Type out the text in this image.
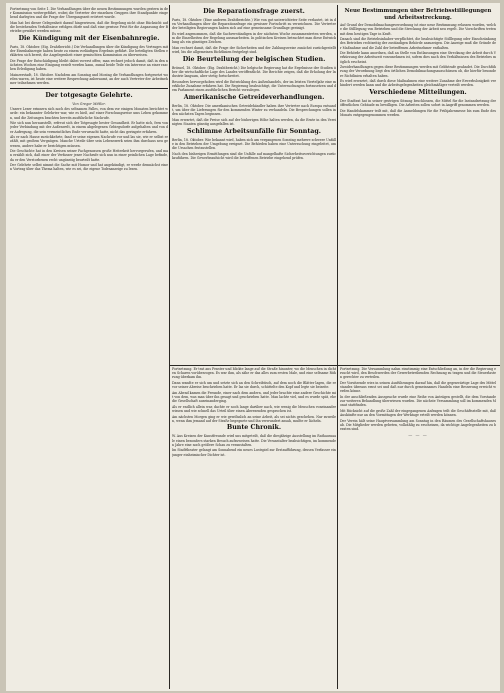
Fortsetzung von Seite 1. Die Verhandlungen über die neuen Bestimmungen wurden gestern in der Kommission weitergeführt, wobei die Vertreter der einzelnen Gruppen ihre Standpunkte eingehend darlegten und die Frage der Übergangszeit erörtert wurde.

Man hat bei dieser Gelegenheit darauf hingewiesen, daß die Regelung nicht ohne Rücksicht auf die bestehenden Verhältnisse erfolgen dürfe und daß eine gewisse Frist für die Anpassung der Betriebe gewährt werden müsse.

Die Kündigung mit der Eisenbahnregie.

Paris, 18. Oktober. (Eig. Drahtbericht.) Die Verhandlungen über die Kündigung des Vertrages mit der Eisenbahnregie haben heute zu einem vorläufigen Ergebnis geführt. Die beteiligten Stellen erklärten sich bereit, die Angelegenheit einer gemischten Kommission zu überweisen.

Die Frage der Entschädigung bleibt dabei vorerst offen; man rechnet jedoch damit, daß in den nächsten Wochen eine Einigung erzielt werden kann, zumal beide Teile ein Interesse an einer raschen Erledigung haben.

Mainzerstadt, 18. Oktober. Nachdem am Sonntag und Montag die Verhandlungen fortgesetzt worden waren, ist heute eine weitere Besprechung anberaumt, an der auch Vertreter der Arbeitnehmer teilnehmen werden.

Der totgesagte Gelehrte.
Von Gregor Mittler.

Unsere Leser erinnern sich noch des seltsamen Falles, von dem vor einigen Monaten berichtet wurde: ein bekannter Gelehrter war, wie es hieß, auf einer Forschungsreise ums Leben gekommen, und die Zeitungen brachten bereits ausführliche Nachrufe.

Wie sich nun herausstellt, erfreut sich der Totgesagte bester Gesundheit. Er hatte sich, fern von jeder Verbindung mit der Außenwelt, in einem abgelegenen Gebirgsdorfe aufgehalten und von der Aufregung, die sein vermeintliches Ende verursacht hatte, nicht das geringste erfahren.

Als er nach Hause zurückkehrte, fand er seine eigenen Nachrufe vor und las sie, wie er selbst erzählt, mit großem Vergnügen. Manche Urteile über sein Lebenswerk seien ihm durchaus neu gewesen, andere habe er berichtigen müssen.

Die Geschichte hat in den Kreisen seiner Fachgenossen große Heiterkeit hervorgerufen, und man erzählt sich, daß einer der Verfasser jener Nachrufe sich nun in einer peinlichen Lage befinde, da er den Verstorbenen recht ungünstig beurteilt hatte.

Der Gelehrte selbst nimmt die Sache mit Humor und hat angekündigt, er werde demnächst einen Vortrag über das Thema halten, wie es sei, die eigene Todesanzeige zu lesen.

Die Reparationsfrage zuerst.

Paris, 18. Oktober. (Eine anderen Drahtberichte.) Wie von gut unterrichteter Seite verlautet, ist in den Verhandlungen über die Reparationsfrage ein gewisser Fortschritt zu verzeichnen. Die Vertreter der beteiligten Regierungen haben sich auf eine gemeinsame Grundlage geeinigt.

Es wird angenommen, daß die Sachverständigen in der nächsten Woche zusammentreten werden, um die Einzelheiten der Regelung auszuarbeiten. In politischen Kreisen betrachtet man diese Entwicklung als ein günstiges Zeichen.

Man rechnet damit, daß die Frage der Sicherheiten und der Zahlungsweise zunächst zurückgestellt wird, bis die allgemeinen Richtlinien festgelegt sind.

Die Beurteilung der belgischen Studien.

Brüssel, 18. Oktober. (Eig. Drahtbericht.) Die belgische Regierung hat die Ergebnisse der Studien über die wirtschaftliche Lage des Landes veröffentlicht. Die Berichte zeigen, daß die Erholung der Industrie langsam, aber stetig fortschreitet.

Besonders hervorgehoben wird die Entwicklung des Außenhandels, der im letzten Vierteljahr eine merkliche Zunahme erfahren hat. Die Regierung beabsichtigt, die Untersuchungen fortzusetzen und dem Parlament einen ausführlichen Bericht vorzulegen.

Amerikanische Getreideverhandlungen.

Berlin, 18. Oktober. Die amerikanischen Getreidehändler haben ihre Vertreter nach Europa entsandt, um über die Lieferungen für den kommenden Winter zu verhandeln. Die Besprechungen sollen in den nächsten Tagen beginnen.

Man erwartet, daß die Preise sich auf der bisherigen Höhe halten werden, da die Ernte in den Vereinigten Staaten günstig ausgefallen ist.

Schlimme Arbeitsunfälle für Sonntag.

Berlin, 18. Oktober. Wie bekannt wird, haben sich am vergangenen Sonntag mehrere schwere Unfälle in den Betrieben der Umgebung ereignet. Die Behörden haben eine Untersuchung eingeleitet, um die Ursachen festzustellen.

Nach den bisherigen Ermittlungen sind die Unfälle auf mangelhafte Sicherheitsvorrichtungen zurückzuführen. Die Gewerbeaufsicht wird die betroffenen Betriebe eingehend prüfen.

Neue Bestimmungen über Betriebsstilllegungen und Arbeitsstreckung.

Auf Grund der Demobilmachungsverordnung ist eine neue Bestimmung erlassen worden, welche die Stilllegung von Betrieben und die Streckung der Arbeit neu regelt. Die Vorschriften treten mit dem heutigen Tage in Kraft.

Danach sind die Betriebsinhaber verpflichtet, die beabsichtigte Stilllegung oder Einschränkung des Betriebes rechtzeitig der zuständigen Behörde anzuzeigen. Die Anzeige muß die Gründe der Maßnahme und die Zahl der betroffenen Arbeitnehmer enthalten.

Die Behörde kann anordnen, daß an Stelle von Entlassungen eine Streckung der Arbeit durch Verkürzung der Arbeitszeit vorzunehmen ist, sofern dies nach den Verhältnissen des Betriebes möglich erscheint.

Zuwiderhandlungen gegen diese Bestimmungen werden mit Geldstrafe geahndet. Die Durchführung der Verordnung liegt den örtlichen Demobilmachungsausschüssen ob, die hierfür besondere Richtlinien erhalten haben.

Es wird erwartet, daß durch diese Maßnahmen eine weitere Zunahme der Erwerbslosigkeit verhindert werden kann und die Arbeitsgelegenheiten gleichmäßiger verteilt werden.

Verschiedene Mitteilungen.

Der Stadtrat hat in seiner gestrigen Sitzung beschlossen, die Mittel für die Instandsetzung der öffentlichen Gebäude zu bewilligen. Die Arbeiten sollen sofort in Angriff genommen werden.

Die Handelskammer teilt mit, daß die Anmeldungen für die Frühjahrsmesse bis zum Ende des Monats entgegengenommen werden.

Fortsetzung. Er trat ans Fenster und blickte lange auf die Straße hinunter, wo die Menschen in dichten Scharen vorüberzogen. Es war ihm, als sähe er das alles zum ersten Male, und eine seltsame Rührung überkam ihn.

Dann wandte er sich um und setzte sich an den Schreibtisch, auf dem noch die Blätter lagen, die er vor seiner Abreise beschrieben hatte. Er las sie durch, schüttelte den Kopf und legte sie beiseite.

Am Abend kamen die Freunde, einer nach dem andern, und jeder brachte eine andere Geschichte mit von dem, was man über ihn gesagt und geschrieben hatte. Man lachte viel, und es wurde spät, ehe die Gesellschaft auseinanderging.

Als er endlich allein war, dachte er noch lange darüber nach, wie wenig die Menschen voneinander wissen und wie schnell das Urteil über einen Abwesenden gesprochen ist.

Am nächsten Morgen ging er wie gewöhnlich an seine Arbeit, als sei nichts geschehen. Nur zuweilen, wenn ihm jemand auf der Straße begegnete und ihn verwundert ansah, mußte er lächeln.

Bunte Chronik.

W. Aus Kreisen der Kunstfreunde wird uns mitgeteilt, daß die diesjährige Ausstellung im Rathaussaale einen besonders starken Besuch aufzuweisen hatte. Die Veranstalter beabsichtigen, im kommenden Jahre eine noch größere Schau zu veranstalten.

Im Stadttheater gelangt am Sonnabend ein neues Lustspiel zur Erstaufführung, dessen Verfasser ein junger einheimischer Dichter ist.

Fortsetzung. Die Versammlung nahm einstimmig eine Entschließung an, in der die Regierung ersucht wird, den Beschwerden der Gewerbetreibenden Rechnung zu tragen und die Steuerlasten gerechter zu verteilen.

Der Vorsitzende wies in seinen Ausführungen darauf hin, daß die gegenwärtige Lage des Mittelstandes überaus ernst sei und daß nur durch gemeinsames Handeln eine Besserung erreicht werden könne.

In der anschließenden Aussprache wurde eine Reihe von Anträgen gestellt, die dem Vorstande zur weiteren Behandlung überwiesen wurden. Die nächste Versammlung soll im kommenden Monat stattfinden.

Mit Rücksicht auf die große Zahl der eingegangenen Anfragen teilt die Geschäftsstelle mit, daß Auskünfte nur an den Vormittagen der Werktage erteilt werden können.

Der Verein hält seine Hauptversammlung am Sonntag in den Räumen des Gesellschaftshauses ab. Die Mitglieder werden gebeten, vollzählig zu erscheinen, da wichtige Angelegenheiten zu beraten sind.

— — —
